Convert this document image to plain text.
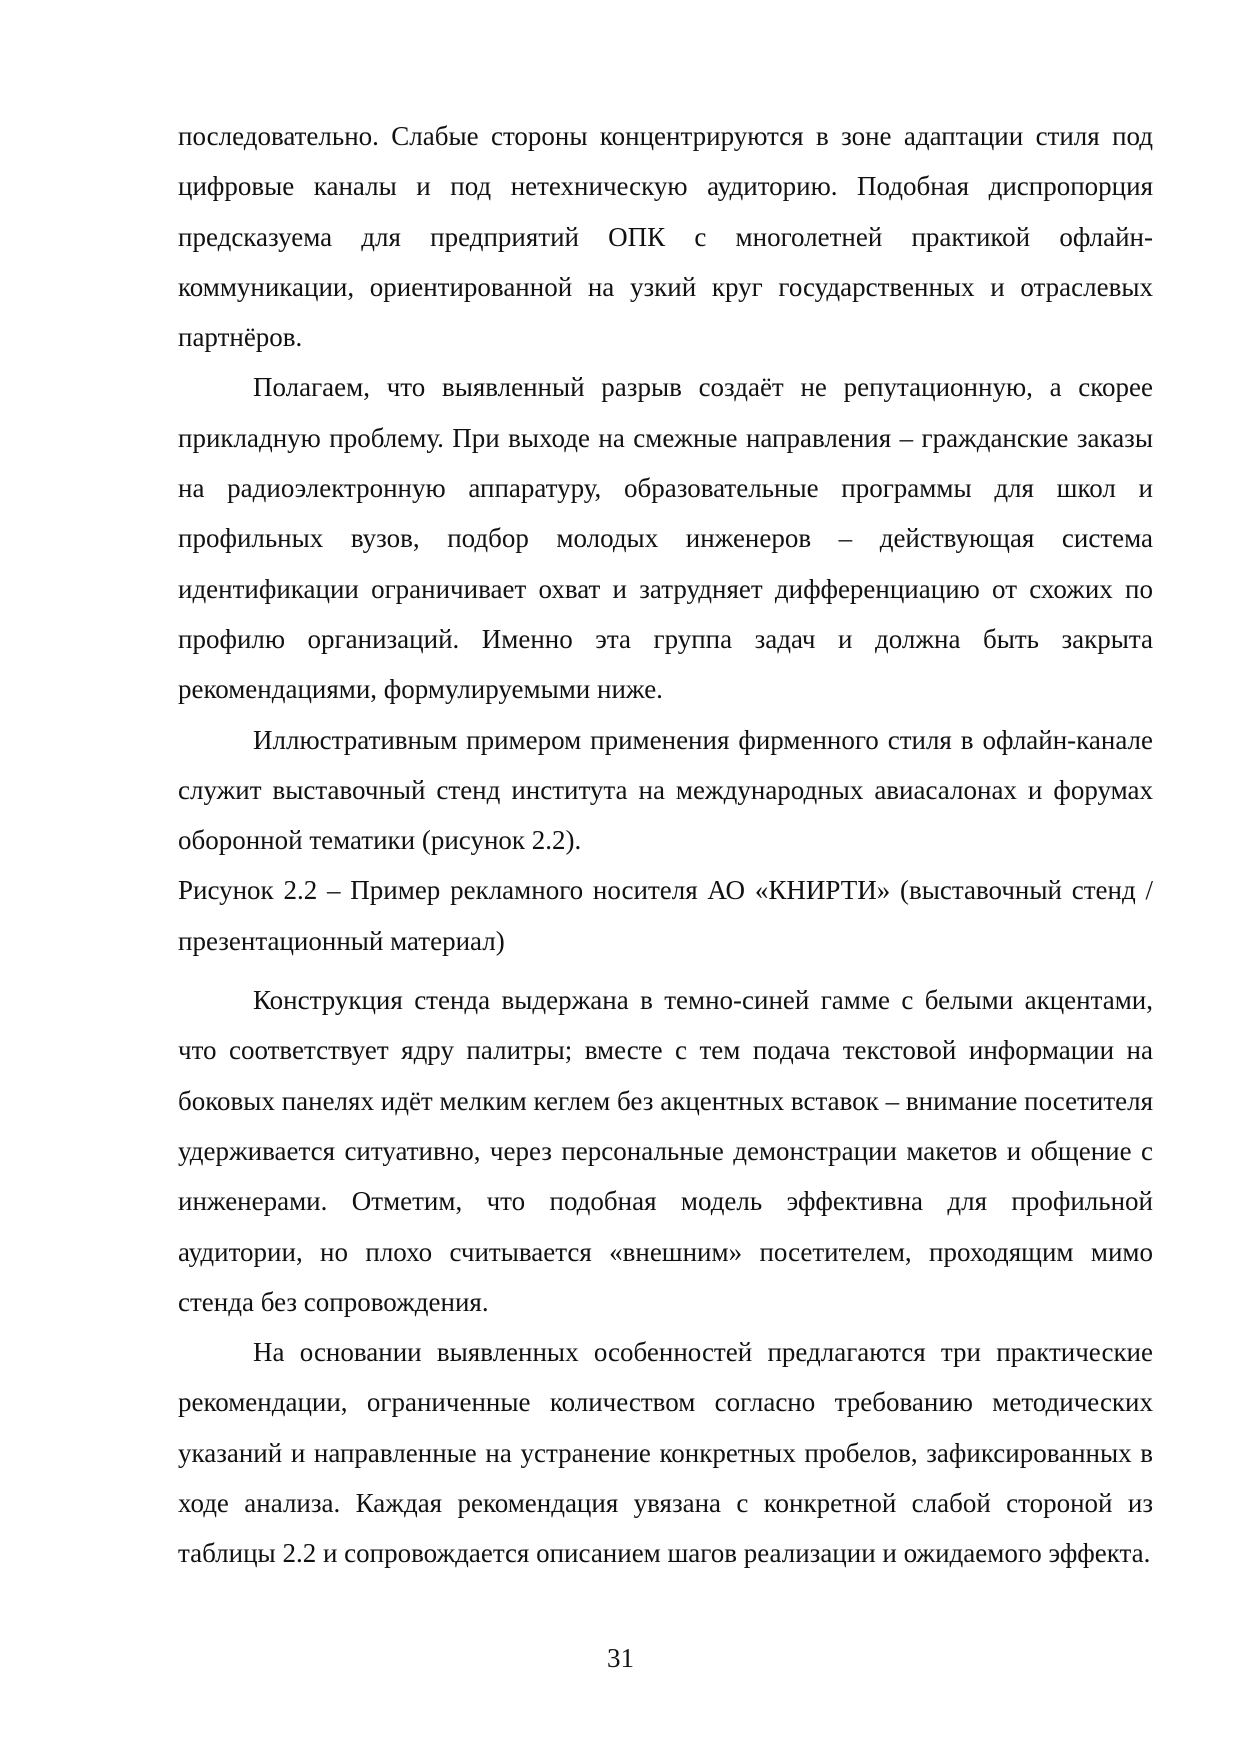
последовательно. Слабые стороны концентрируются в зоне адаптации стиля под цифровые каналы и под нетехническую аудиторию. Подобная диспропорция предсказуема для предприятий ОПК с многолетней практикой офлайн-коммуникации, ориентированной на узкий круг государственных и отраслевых партнёров.

Полагаем, что выявленный разрыв создаёт не репутационную, а скорее прикладную проблему. При выходе на смежные направления – гражданские заказы на радиоэлектронную аппаратуру, образовательные программы для школ и профильных вузов, подбор молодых инженеров – действующая система идентификации ограничивает охват и затрудняет дифференциацию от схожих по профилю организаций. Именно эта группа задач и должна быть закрыта рекомендациями, формулируемыми ниже.

Иллюстративным примером применения фирменного стиля в офлайн-канале служит выставочный стенд института на международных авиасалонах и форумах оборонной тематики (рисунок 2.2).

Рисунок 2.2 – Пример рекламного носителя АО «КНИРТИ» (выставочный стенд / презентационный материал)

Конструкция стенда выдержана в темно-синей гамме с белыми акцентами, что соответствует ядру палитры; вместе с тем подача текстовой информации на боковых панелях идёт мелким кеглем без акцентных вставок – внимание посетителя удерживается ситуативно, через персональные демонстрации макетов и общение с инженерами. Отметим, что подобная модель эффективна для профильной аудитории, но плохо считывается «внешним» посетителем, проходящим мимо стенда без сопровождения.

На основании выявленных особенностей предлагаются три практические рекомендации, ограниченные количеством согласно требованию методических указаний и направленные на устранение конкретных пробелов, зафиксированных в ходе анализа. Каждая рекомендация увязана с конкретной слабой стороной из таблицы 2.2 и сопровождается описанием шагов реализации и ожидаемого эффекта.

31
